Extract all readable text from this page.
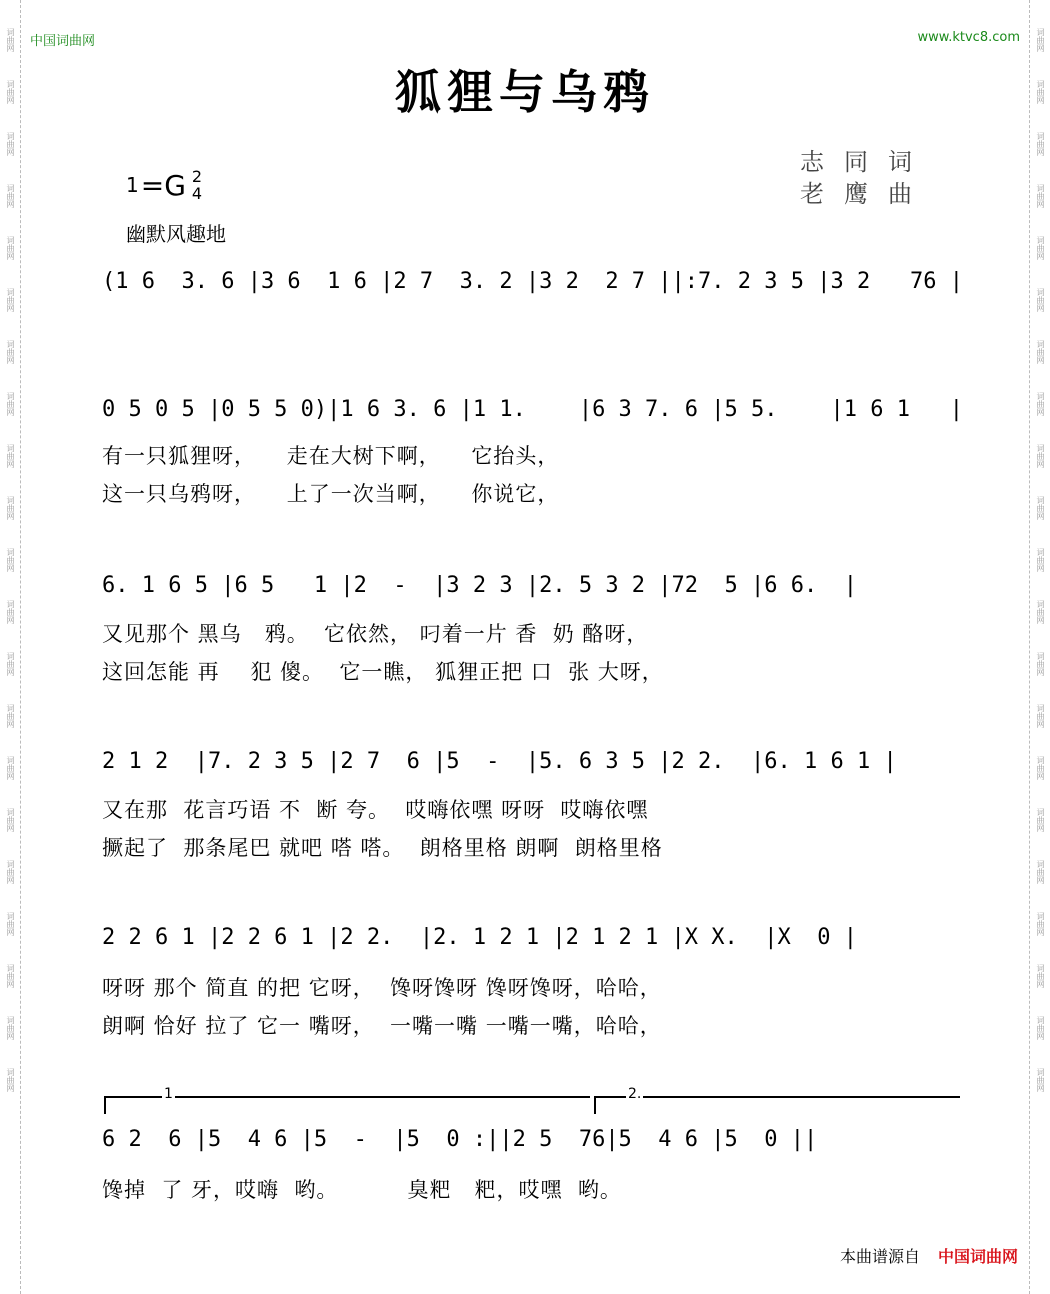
词曲网
词曲网
词曲网
词曲网
词曲网
词曲网
词曲网
词曲网
词曲网
词曲网
词曲网
词曲网
词曲网
词曲网
词曲网
词曲网
词曲网
词曲网
词曲网
词曲网
词曲网
词曲网
词曲网
词曲网
词曲网
词曲网
词曲网
词曲网
词曲网
词曲网
词曲网
词曲网
词曲网
词曲网
词曲网
词曲网
词曲网
词曲网
词曲网
词曲网
词曲网
词曲网
中国词曲网	www.ktvc8.com
狐狸与乌鸦
1 =G 2
4
幽默风趣地
志同词
老鹰曲
(1 6  3. 6 |3 6  1 6 |2 7  3. 2 |3 2  2 7 ||:7. 2 3 5 |3 2   76 |
0 5 0 5 |0 5 5 0)|1 6 3. 6 |1 1.    |6 3 7. 6 |5 5.    |1 6 1   |
有一只狐狸呀，    走在大树下啊，    它抬头，
这一只乌鸦呀，    上了一次当啊，    你说它，
6. 1 6 5 |6 5   1 |2  -  |3 2 3 |2. 5 3 2 |72  5 |6 6.  |
又见那个 黑乌   鸦。  它依然， 叼着一片 香  奶 酪呀，
这回怎能 再    犯 傻。  它一瞧， 狐狸正把 口  张 大呀，
2 1 2  |7. 2 3 5 |2 7  6 |5  -  |5. 6 3 5 |2 2.  |6. 1 6 1 |
又在那  花言巧语 不  断 夸。  哎嗨依嘿 呀呀  哎嗨依嘿
撅起了  那条尾巴 就吧 嗒 嗒。  朗格里格 朗啊  朗格里格
2 2 6 1 |2 2 6 1 |2 2.  |2. 1 2 1 |2 1 2 1 |X X.  |X  0 |
呀呀 那个 简直 的把 它呀，  馋呀馋呀 馋呀馋呀，哈哈，
朗啊 恰好 拉了 它一 嘴呀，  一嘴一嘴 一嘴一嘴，哈哈，
1	2.
6 2  6 |5  4 6 |5  -  |5  0 :||2 5  76|5  4 6 |5  0 ||
馋掉  了 牙，哎嗨  哟。         臭粑   粑，哎嘿  哟。
本曲谱源自 中国词曲网
